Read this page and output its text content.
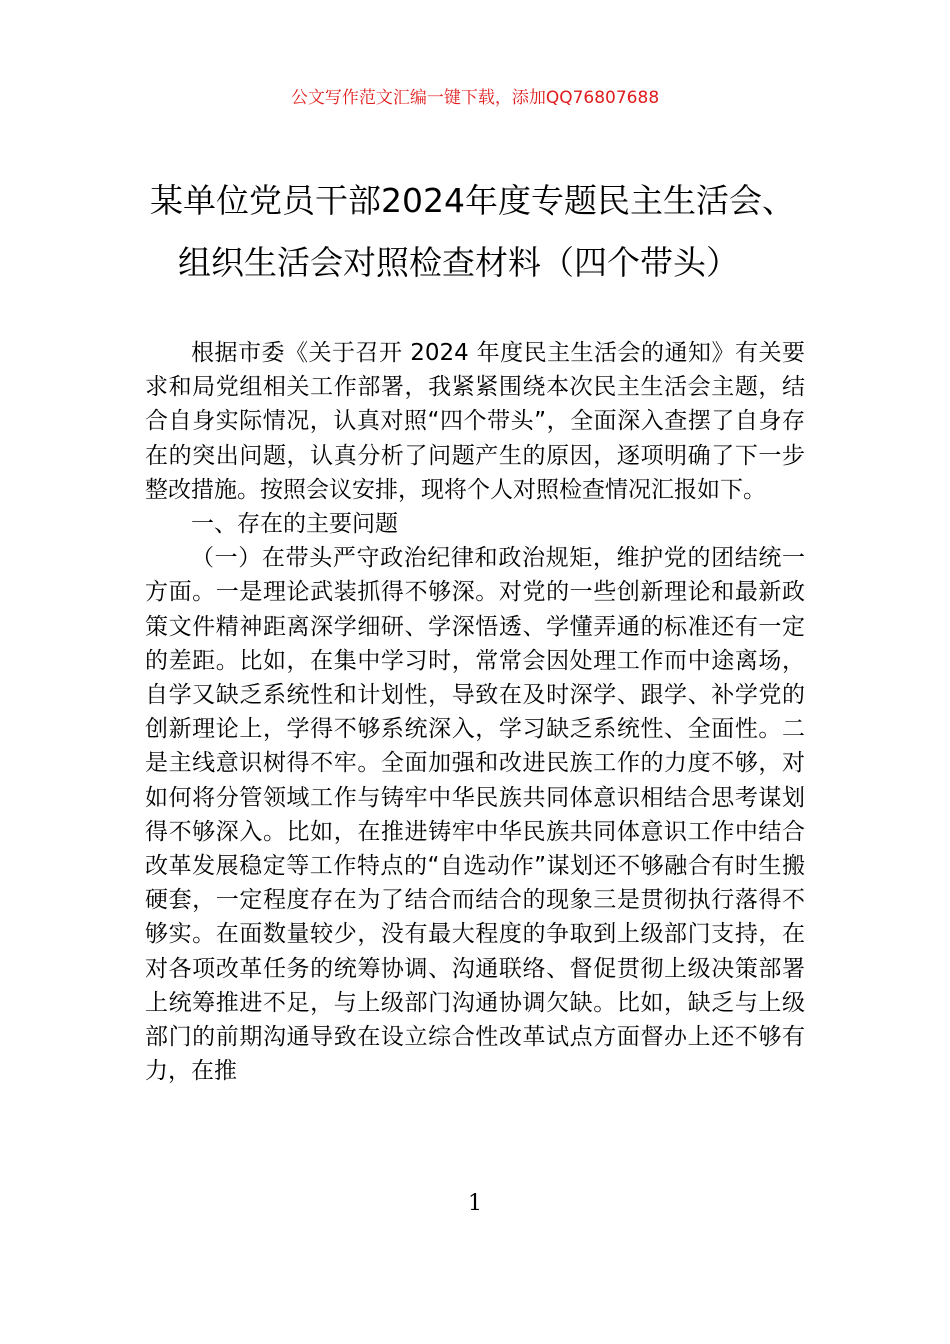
公文写作范文汇编一键下载，添加QQ76807688
某单位党员干部2024年度专题民主生活会、
组织生活会对照检查材料（四个带头）

根据市委《关于召开 2024 年度民主生活会的通知》有关要求和局党组相关工作部署，我紧紧围绕本次民主生活会主题，结合自身实际情况，认真对照“四个带头”，全面深入查摆了自身存在的突出问题，认真分析了问题产生的原因，逐项明确了下一步整改措施。按照会议安排，现将个人对照检查情况汇报如下。

一、存在的主要问题

（一）在带头严守政治纪律和政治规矩，维护党的团结统一方面。一是理论武装抓得不够深。对党的一些创新理论和最新政策文件精神距离深学细研、学深悟透、学懂弄通的标准还有一定的差距。比如，在集中学习时，常常会因处理工作而中途离场，自学又缺乏系统性和计划性，导致在及时深学、跟学、补学党的创新理论上，学得不够系统深入，学习缺乏系统性、全面性。二是主线意识树得不牢。全面加强和改进民族工作的力度不够，对如何将分管领域工作与铸牢中华民族共同体意识相结合思考谋划得不够深入。比如，在推进铸牢中华民族共同体意识工作中结合改革发展稳定等工作特点的“自选动作”谋划还不够融合有时生搬硬套，一定程度存在为了结合而结合的现象三是贯彻执行落得不够实。在面数量较少，没有最大程度的争取到上级部门支持，在对各项改革任务的统筹协调、沟通联络、督促贯彻上级决策部署上统筹推进不足，与上级部门沟通协调欠缺。比如，缺乏与上级部门的前期沟通导致在设立综合性改革试点方面督办上还不够有力，在推

1
